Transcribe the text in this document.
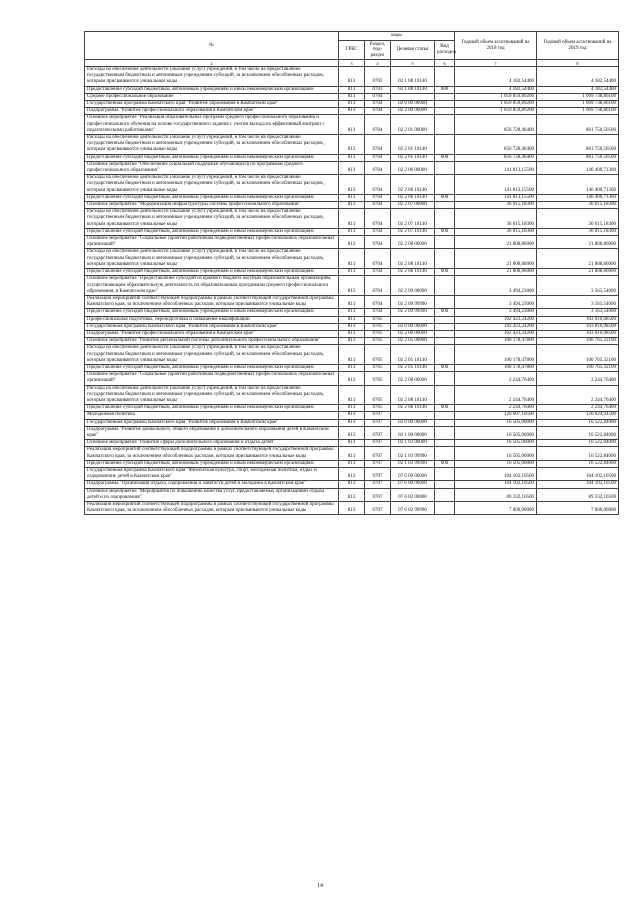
№	коды				Годовой объем ассигнований на 2018 год	Годовой объем ассигнований на 2019 год
	ГРБС	Раздел, под-раздел	Целевая статья	Вид расходов		
2	3	4	5	6	7	8
Расходы на обеспечение деятельности (оказание услуг) учреждений, в том числе на предоставление государственным бюджетным и автономным учреждениям субсидий, за исключением обособленных расходов, которым присваиваются уникальные коды	813	0703	02 1 08 10140		4 182,54400	4 182,54400
Предоставление субсидий бюджетным, автономным учреждениям и иным некоммерческим организациям	813	0703	02 1 08 10140	600	4 182,54400	4 182,54400
Среднее профессиональное образование	813	0704			1 059 859,89200	1 069 738,86100
Государственная программа Камчатского края "Развитие образования в Камчатском крае"	813	0704	02 0 00 00000		1 059 859,89200	1 069 738,86100
Подпрограмма "Развитие профессионального образования в Камчатском крае"	813	0704	02 2 00 00000		1 059 859,89200	1 069 738,86100
Основное мероприятие "Реализация образовательных программ среднего профессионального образования и профессионального обучения на основе государственного задания с учетом выхода на эффективный контракт с педагогическими работниками"	813	0704	02 2 01 00000		856 728,46400	861 750,50500
Расходы на обеспечение деятельности (оказание услуг) учреждений, в том числе на предоставление государственным бюджетным и автономным учреждениям субсидий, за исключением обособленных расходов, которым присваиваются уникальные коды	813	0704	02 2 01 10140		856 728,46400	861 750,50500
Предоставление субсидий бюджетным, автономным учреждениям и иным некоммерческим организациям	813	0704	02 2 01 10140	600	856 728,46400	861 750,50500
Основное мероприятие "Обеспечение социальной поддержки обучающихся по программам среднего профессионального образования"	813	0704	02 2 06 00000		141 813,15500	146 400,71300
Расходы на обеспечение деятельности (оказание услуг) учреждений, в том числе на предоставление государственным бюджетным и автономным учреждениям субсидий, за исключением обособленных расходов, которым присваиваются уникальные коды	813	0704	02 2 06 10140		141 813,15500	146 400,71300
Предоставление субсидий бюджетным, автономным учреждениям и иным некоммерческим организациям	813	0704	02 2 06 10140	600	141 813,15500	146 400,71300
Основное мероприятие "Модернизация инфраструктуры системы профессионального образования"	813	0704	02 2 07 00000		36 015,18300	36 015,18300
Расходы на обеспечение деятельности (оказание услуг) учреждений, в том числе на предоставление государственным бюджетным и автономным учреждениям субсидий, за исключением обособленных расходов, которым присваиваются уникальные коды	813	0704	02 2 07 10140		36 015,18300	36 015,18300
Предоставление субсидий бюджетным, автономным учреждениям и иным некоммерческим организациям	813	0704	02 2 07 10140	600	36 015,18300	36 015,18300
Основное мероприятие "Социальные гарантии работникам подведомственных профессиональных образовательных организаций"	813	0704	02 2 08 00000		21 808,86000	21 808,86000
Расходы на обеспечение деятельности (оказание услуг) учреждений, в том числе на предоставление государственным бюджетным и автономным учреждениям субсидий, за исключением обособленных расходов, которым присваиваются уникальные коды	813	0704	02 2 08 10140		21 808,86000	21 808,86000
Предоставление субсидий бюджетным, автономным учреждениям и иным некоммерческим организациям	813	0704	02 2 08 10140	600	21 808,86000	21 808,86000
Основное мероприятие "Предоставление субсидий из краевого бюджета частным образовательным организациям, осуществляющим образовательную деятельность по образовательным программам среднего профессионального образования, в Камчатском крае"	813	0704	02 2 09 00000		3 494,23000	3 563,54000
Реализация мероприятий соответствующей подпрограммы в рамках соответствующей государственной программы Камчатского края, за исключением обособленных расходов, которым присваиваются уникальные коды	813	0704	02 2 09 99990		3 494,23000	3 563,54000
Предоставление субсидий бюджетным, автономным учреждениям и иным некоммерческим организациям	813	0704	02 2 09 99990	600	3 494,23000	3 563,54000
Профессиональная подготовка, переподготовка и повышение квалификации	813	0705			102 423,24200	103 010,08500
Государственная программа Камчатского края "Развитие образования в Камчатском крае"	813	0705	02 0 00 00000		102 423,24200	103 010,08500
Подпрограмма "Развитие профессионального образования в Камчатском крае"	813	0705	02 2 00 00000		102 423,24200	103 010,08500
Основное мероприятие "Развитие региональной системы дополнительного профессионального образования"	813	0705	02 2 05 00000		100 178,47800	100 765,32100
Расходы на обеспечение деятельности (оказание услуг) учреждений, в том числе на предоставление государственным бюджетным и автономным учреждениям субсидий, за исключением обособленных расходов, которым присваиваются уникальные коды	813	0705	02 2 05 10140		100 178,47800	100 765,32100
Предоставление субсидий бюджетным, автономным учреждениям и иным некоммерческим организациям	813	0705	02 2 05 10140	600	100 178,47800	100 765,32100
Основное мероприятие "Социальные гарантии работникам подведомственных профессиональных образовательных организаций"	813	0705	02 2 08 00000		2 244,76400	2 244,76400
Расходы на обеспечение деятельности (оказание услуг) учреждений, в том числе на предоставление государственным бюджетным и автономным учреждениям субсидий, за исключением обособленных расходов, которым присваиваются уникальные коды	813	0705	02 2 08 10140		2 244,76400	2 244,76400
Предоставление субсидий бюджетным, автономным учреждениям и иным некоммерческим организациям	813	0705	02 2 08 10140	600	2 244,76400	2 244,76400
Молодежная политика	813	0707			120 607,10500	120 624,94500
Государственная программа Камчатского края "Развитие образования в Камчатском крае"	813	0707	02 0 00 00000		16 505,00000	16 522,84000
Подпрограмма "Развитие дошкольного, общего образования и дополнительного образования детей в Камчатском крае"	813	0707	02 1 00 00000		16 505,00000	16 522,84000
Основное мероприятие "Развитие сферы дополнительного образования и отдыха детей"	813	0707	02 1 03 00000		16 505,00000	16 522,84000
Реализация мероприятий соответствующей подпрограммы в рамках соответствующей государственной программы Камчатского края, за исключением обособленных расходов, которым присваиваются уникальные коды	813	0707	02 1 03 99990		16 505,00000	16 522,84000
Предоставление субсидий бюджетным, автономным учреждениям и иным некоммерческим организациям	813	0707	02 1 03 99990	600	16 505,00000	16 522,84000
Государственная программа Камчатского края "Физическая культура, спорт, молодежная политика, отдых и оздоровление детей в Камчатском крае"	813	0707	07 0 00 00000		104 102,10500	104 102,10500
Подпрограмма "Организация отдыха, оздоровления и занятости детей и молодежи в Камчатском крае"	813	0707	07 6 00 00000		104 102,10500	104 102,10500
Основное мероприятие "Мероприятия по повышению качества услуг, предоставляемых организациями отдыха детей и их оздоровления"	813	0707	07 6 02 00000		89 332,10500	89 332,10500
Реализация мероприятий соответствующей подпрограммы в рамках соответствующей государственной программы Камчатского края, за исключением обособленных расходов, которым присваиваются уникальные коды	813	0707	07 6 02 99990		7 000,00000	7 000,00000
14
